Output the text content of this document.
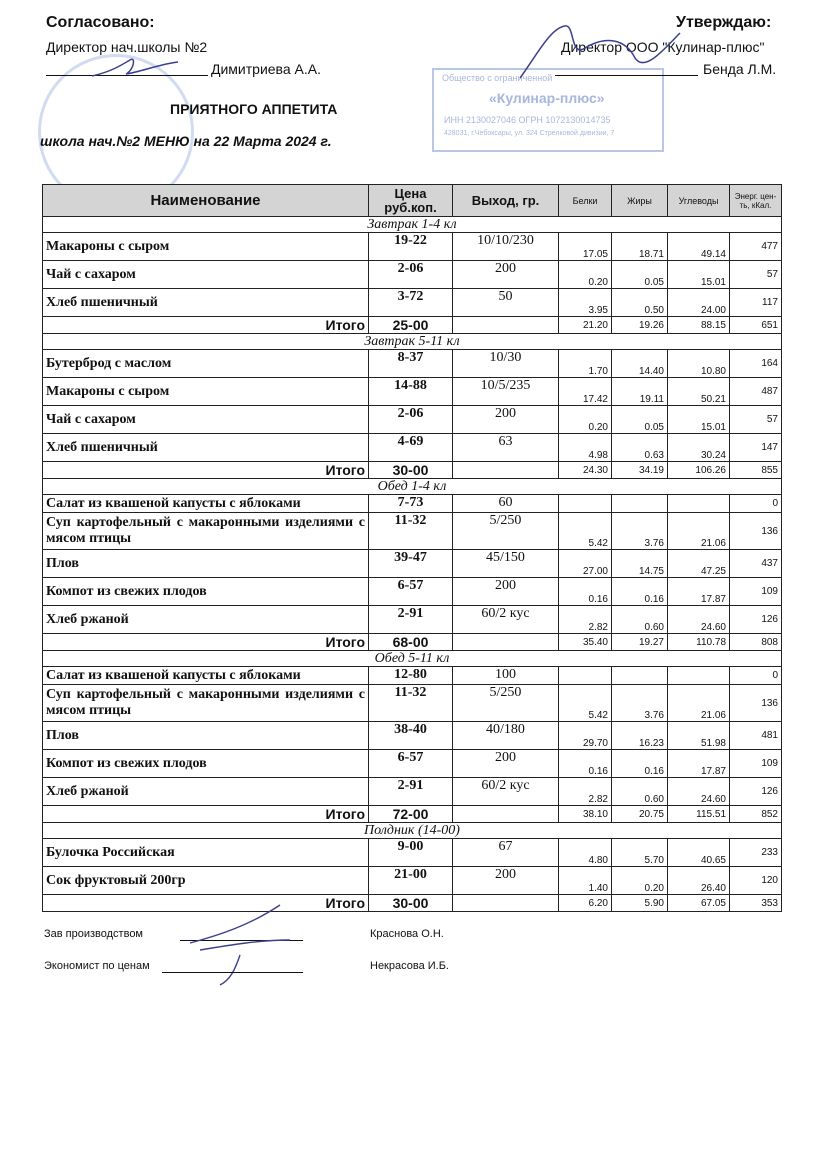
Общество с ограниченной
«Кулинар-плюс»
ИНН 2130027046 ОГРН 1072130014735
428031, г.Чебоксары, ул. 324 Стрелковой дивизии, 7
Согласовано:
Директор нач.школы №2
Димитриева А.А.
Утверждаю:
Директор ООО "Кулинар-плюс"
Бенда Л.М.
ПРИЯТНОГО АППЕТИТА
школа нач.№2 МЕНЮ на 22 Марта 2024 г.
Наименование	Цена руб.коп.	Выход, гр.	Белки	Жиры	Углеводы	Энерг. цен-ть, кКал.
Завтрак 1-4 кл						
Макароны с сыром	19-22	10/10/230	17.05	18.71	49.14	477
Чай с сахаром	2-06	200	0.20	0.05	15.01	57
Хлеб пшеничный	3-72	50	3.95	0.50	24.00	117
Итого	25-00		21.20	19.26	88.15	651
Завтрак 5-11 кл						
Бутерброд с маслом	8-37	10/30	1.70	14.40	10.80	164
Макароны с сыром	14-88	10/5/235	17.42	19.11	50.21	487
Чай с сахаром	2-06	200	0.20	0.05	15.01	57
Хлеб пшеничный	4-69	63	4.98	0.63	30.24	147
Итого	30-00		24.30	34.19	106.26	855
Обед 1-4 кл						
Салат из квашеной капусты с яблоками	7-73	60				0
Суп картофельный с макаронными изделиями с мясом птицы	11-32	5/250	5.42	3.76	21.06	136
Плов	39-47	45/150	27.00	14.75	47.25	437
Компот из свежих плодов	6-57	200	0.16	0.16	17.87	109
Хлеб ржаной	2-91	60/2 кус	2.82	0.60	24.60	126
Итого	68-00		35.40	19.27	110.78	808
Обед 5-11 кл						
Салат из квашеной капусты с яблоками	12-80	100				0
Суп картофельный с макаронными изделиями с мясом птицы	11-32	5/250	5.42	3.76	21.06	136
Плов	38-40	40/180	29.70	16.23	51.98	481
Компот из свежих плодов	6-57	200	0.16	0.16	17.87	109
Хлеб ржаной	2-91	60/2 кус	2.82	0.60	24.60	126
Итого	72-00		38.10	20.75	115.51	852
Полдник (14-00)						
Булочка Российская	9-00	67	4.80	5.70	40.65	233
Сок фруктовый 200гр	21-00	200	1.40	0.20	26.40	120
Итого	30-00		6.20	5.90	67.05	353
Зав производством	Краснова О.Н.
Экономист по ценам	Некрасова И.Б.
